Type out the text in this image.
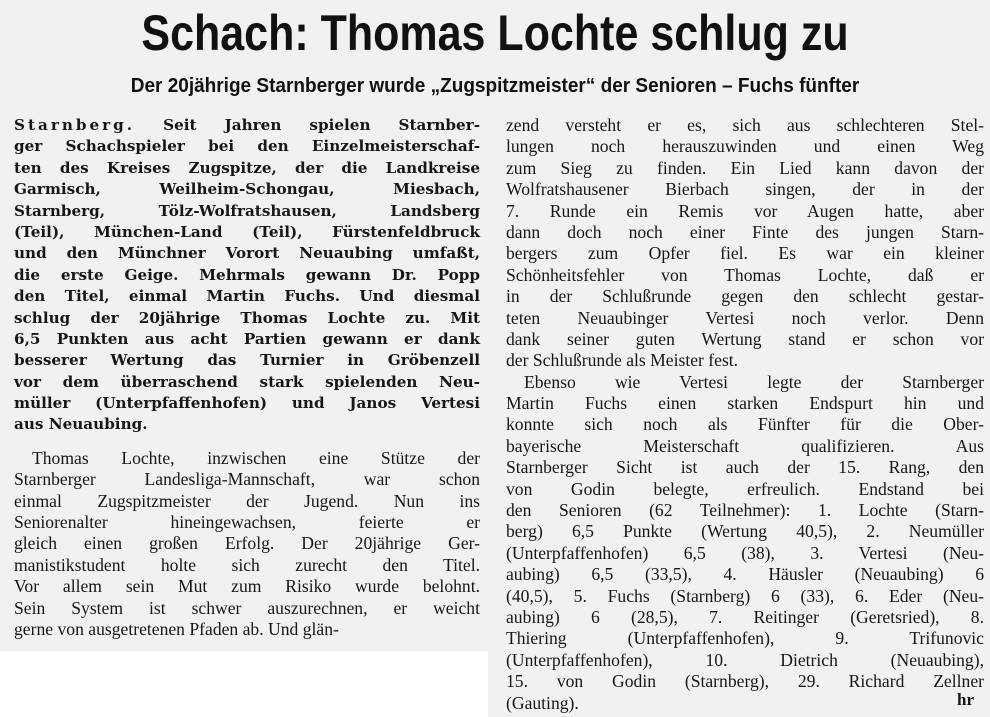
Schach: Thomas Lochte schlug zu
Der 20jährige Starnberger wurde „Zugspitzmeister“ der Senioren – Fuchs fünfter
Starnberg. Seit Jahren spielen Starnber-
ger Schachspieler bei den Einzelmeisterschaf-
ten des Kreises Zugspitze, der die Landkreise
Garmisch, Weilheim-Schongau, Miesbach,
Starnberg, Tölz-Wolfratshausen, Landsberg
(Teil), München-Land (Teil), Fürstenfeldbruck
und den Münchner Vorort Neuaubing umfaßt,
die erste Geige. Mehrmals gewann Dr. Popp
den Titel, einmal Martin Fuchs. Und diesmal
schlug der 20jährige Thomas Lochte zu. Mit
6,5 Punkten aus acht Partien gewann er dank
besserer Wertung das Turnier in Gröbenzell
vor dem überraschend stark spielenden Neu-
müller (Unterpfaffenhofen) und Janos Vertesi
aus Neuaubing.
Thomas Lochte, inzwischen eine Stütze der
Starnberger Landesliga-Mannschaft, war schon
einmal Zugspitzmeister der Jugend. Nun ins
Seniorenalter hineingewachsen, feierte er
gleich einen großen Erfolg. Der 20jährige Ger-
manistikstudent holte sich zurecht den Titel.
Vor allem sein Mut zum Risiko wurde belohnt.
Sein System ist schwer auszurechnen, er weicht
gerne von ausgetretenen Pfaden ab. Und glän-
zend versteht er es, sich aus schlechteren Stel-
lungen noch herauszuwinden und einen Weg
zum Sieg zu finden. Ein Lied kann davon der
Wolfratshausener Bierbach singen, der in der
7. Runde ein Remis vor Augen hatte, aber
dann doch noch einer Finte des jungen Starn-
bergers zum Opfer fiel. Es war ein kleiner
Schönheitsfehler von Thomas Lochte, daß er
in der Schlußrunde gegen den schlecht gestar-
teten Neuaubinger Vertesi noch verlor. Denn
dank seiner guten Wertung stand er schon vor
der Schlußrunde als Meister fest.
Ebenso wie Vertesi legte der Starnberger
Martin Fuchs einen starken Endspurt hin und
konnte sich noch als Fünfter für die Ober-
bayerische Meisterschaft qualifizieren. Aus
Starnberger Sicht ist auch der 15. Rang, den
von Godin belegte, erfreulich. Endstand bei
den Senioren (62 Teilnehmer): 1. Lochte (Starn-
berg) 6,5 Punkte (Wertung 40,5), 2. Neumüller
(Unterpfaffenhofen) 6,5 (38), 3. Vertesi (Neu-
aubing) 6,5 (33,5), 4. Häusler (Neuaubing) 6
(40,5), 5. Fuchs (Starnberg) 6 (33), 6. Eder (Neu-
aubing) 6 (28,5), 7. Reitinger (Geretsried), 8.
Thiering (Unterpfaffenhofen), 9. Trifunovic
(Unterpfaffenhofen), 10. Dietrich (Neuaubing),
15. von Godin (Starnberg), 29. Richard Zellner
(Gauting).	hr
